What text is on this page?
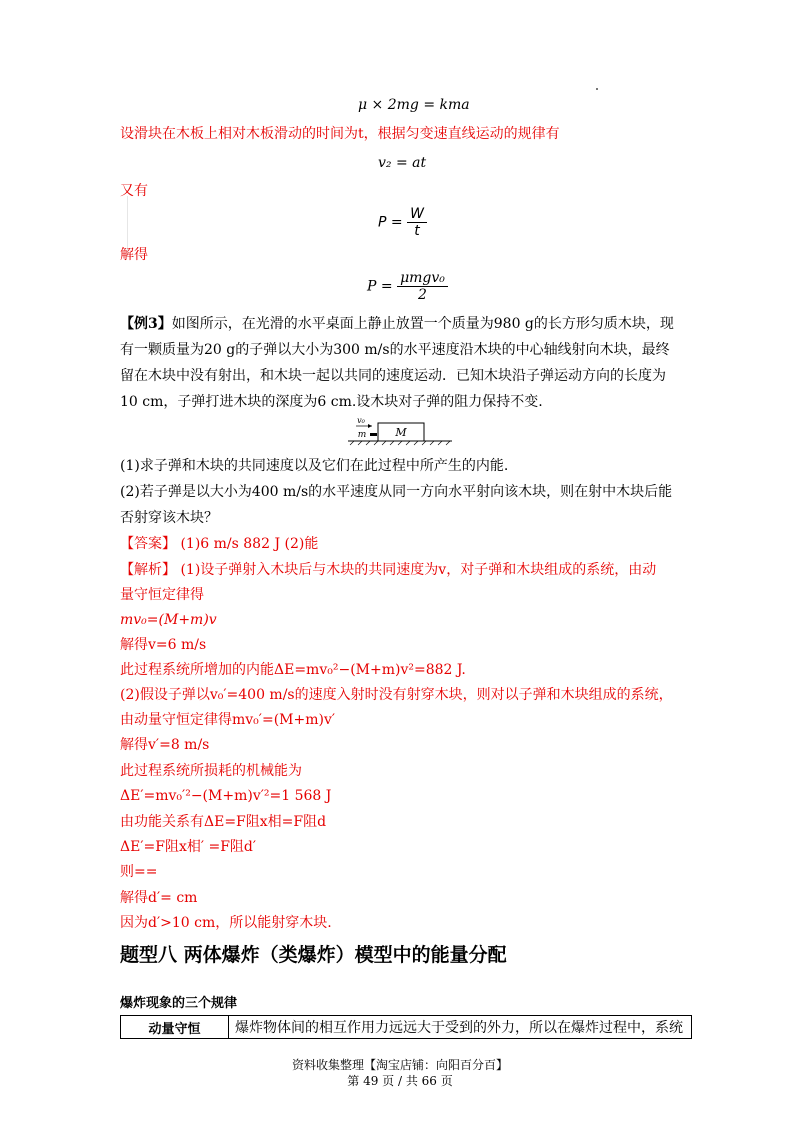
μ × 2mg = kma
设滑块在木板上相对木板滑动的时间为t，根据匀变速直线运动的规律有
v₂ = at
又有
$P = \frac{W}{t}$
解得
$P = \frac{\text{μmgv₀}}{2}$
【例3】如图所示，在光滑的水平桌面上静止放置一个质量为980 g的长方形匀质木块，现
有一颗质量为20 g的子弹以大小为300 m/s的水平速度沿木块的中心轴线射向木块，最终
留在木块中没有射出，和木块一起以共同的速度运动．已知木块沿子弹运动方向的长度为
10 cm，子弹打进木块的深度为6 cm.设木块对子弹的阻力保持不变.
M
v₀
m
(1)求子弹和木块的共同速度以及它们在此过程中所产生的内能.
(2)若子弹是以大小为400 m/s的水平速度从同一方向水平射向该木块，则在射中木块后能
否射穿该木块？
【答案】 (1)6 m/s 882 J (2)能
【解析】 (1)设子弹射入木块后与木块的共同速度为v，对子弹和木块组成的系统，由动
量守恒定律得
mv₀=(M+m)v
解得v=6 m/s
此过程系统所增加的内能ΔE=mv₀²−(M+m)v²=882 J.
(2)假设子弹以v₀′=400 m/s的速度入射时没有射穿木块，则对以子弹和木块组成的系统，
由动量守恒定律得mv₀′=(M+m)v′
解得v′=8 m/s
此过程系统所损耗的机械能为
ΔE′=mv₀′²−(M+m)v′²=1 568 J
由功能关系有ΔE=F阻x相=F阻d
ΔE′=F阻x相′ =F阻d′
则==
解得d′= cm
因为d′>10 cm，所以能射穿木块.
题型八 两体爆炸（类爆炸）模型中的能量分配
爆炸现象的三个规律
动量守恒	爆炸物体间的相互作用力远远大于受到的外力，所以在爆炸过程中，系统
资料收集整理【淘宝店铺：向阳百分百】
第 49 页 / 共 66 页
